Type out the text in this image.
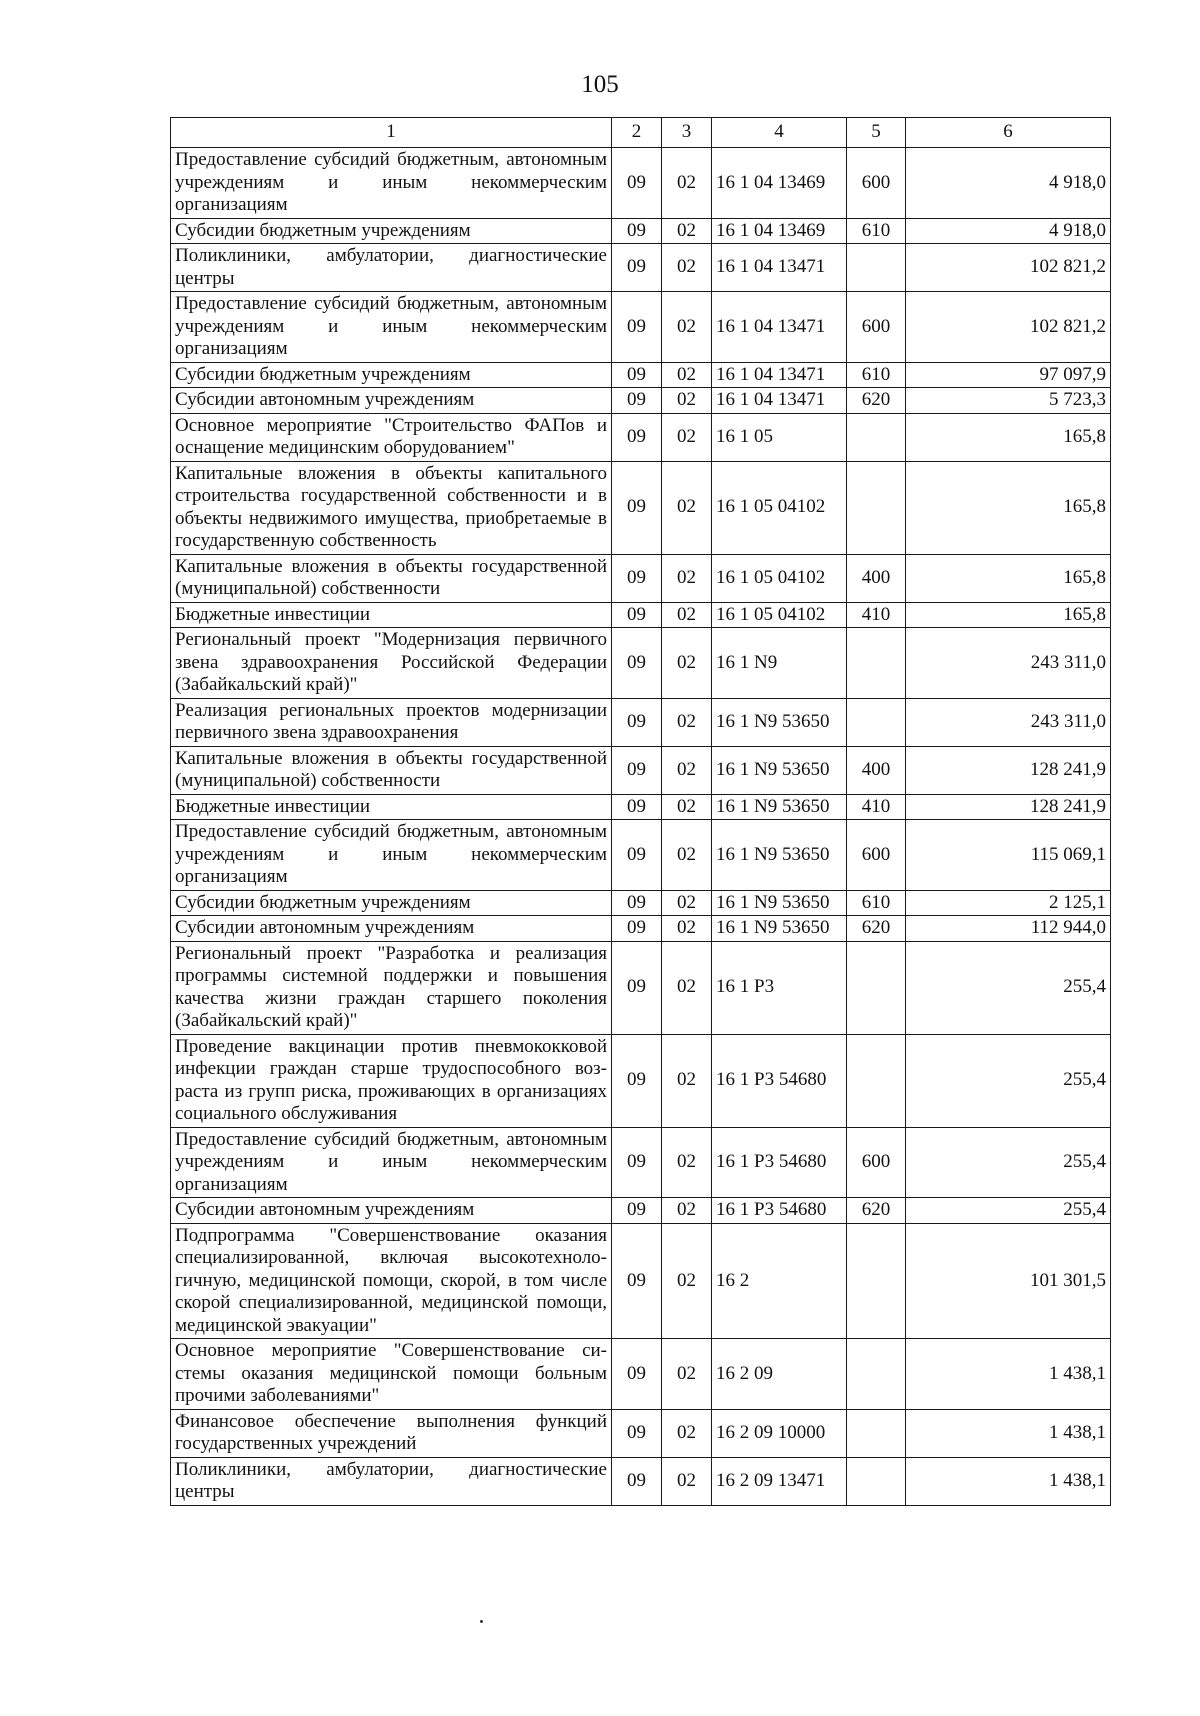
105
1	2	3	4	5	6
Предоставление субсидий бюджетным, автономным учреждениям и иным некоммерческим организациям	09	02	16 1 04 13469	600	4 918,0
Субсидии бюджетным учреждениям	09	02	16 1 04 13469	610	4 918,0
Поликлиники, амбулатории, диагностические центры	09	02	16 1 04 13471		102 821,2
Предоставление субсидий бюджетным, автономным учреждениям и иным некоммерческим организациям	09	02	16 1 04 13471	600	102 821,2
Субсидии бюджетным учреждениям	09	02	16 1 04 13471	610	97 097,9
Субсидии автономным учреждениям	09	02	16 1 04 13471	620	5 723,3
Основное мероприятие "Строительство ФАПов и оснащение медицинским оборудованием"	09	02	16 1 05		165,8
Капитальные вложения в объекты капитального строительства государственной собственности и в объекты недвижимого имущества, приобретаемые в государственную собственность	09	02	16 1 05 04102		165,8
Капитальные вложения в объекты государственной (муниципальной) собственности	09	02	16 1 05 04102	400	165,8
Бюджетные инвестиции	09	02	16 1 05 04102	410	165,8
Региональный проект "Модернизация первичного звена здравоохранения Российской Федерации (Забайкальский край)"	09	02	16 1 N9		243 311,0
Реализация региональных проектов модернизации первичного звена здравоохранения	09	02	16 1 N9 53650		243 311,0
Капитальные вложения в объекты государственной (муниципальной) собственности	09	02	16 1 N9 53650	400	128 241,9
Бюджетные инвестиции	09	02	16 1 N9 53650	410	128 241,9
Предоставление субсидий бюджетным, автономным учреждениям и иным некоммерческим организациям	09	02	16 1 N9 53650	600	115 069,1
Субсидии бюджетным учреждениям	09	02	16 1 N9 53650	610	2 125,1
Субсидии автономным учреждениям	09	02	16 1 N9 53650	620	112 944,0
Региональный проект "Разработка и реализация программы системной поддержки и повышения качества жизни граждан старшего поколения (Забайкальский край)"	09	02	16 1 P3		255,4
Проведение вакцинации против пневмококковой инфекции граждан старше трудоспособного возраста из групп риска, проживающих в организациях социального обслуживания	09	02	16 1 P3 54680		255,4
Предоставление субсидий бюджетным, автономным учреждениям и иным некоммерческим организациям	09	02	16 1 P3 54680	600	255,4
Субсидии автономным учреждениям	09	02	16 1 P3 54680	620	255,4
Подпрограмма "Совершенствование оказания специализированной, включая высокотехнологичную, медицинской помощи, скорой, в том числе скорой специализированной, медицинской помощи, медицинской эвакуации"	09	02	16 2		101 301,5
Основное мероприятие "Совершенствование системы оказания медицинской помощи больным прочими заболеваниями"	09	02	16 2 09		1 438,1
Финансовое обеспечение выполнения функций государственных учреждений	09	02	16 2 09 10000		1 438,1
Поликлиники, амбулатории, диагностические центры	09	02	16 2 09 13471		1 438,1
